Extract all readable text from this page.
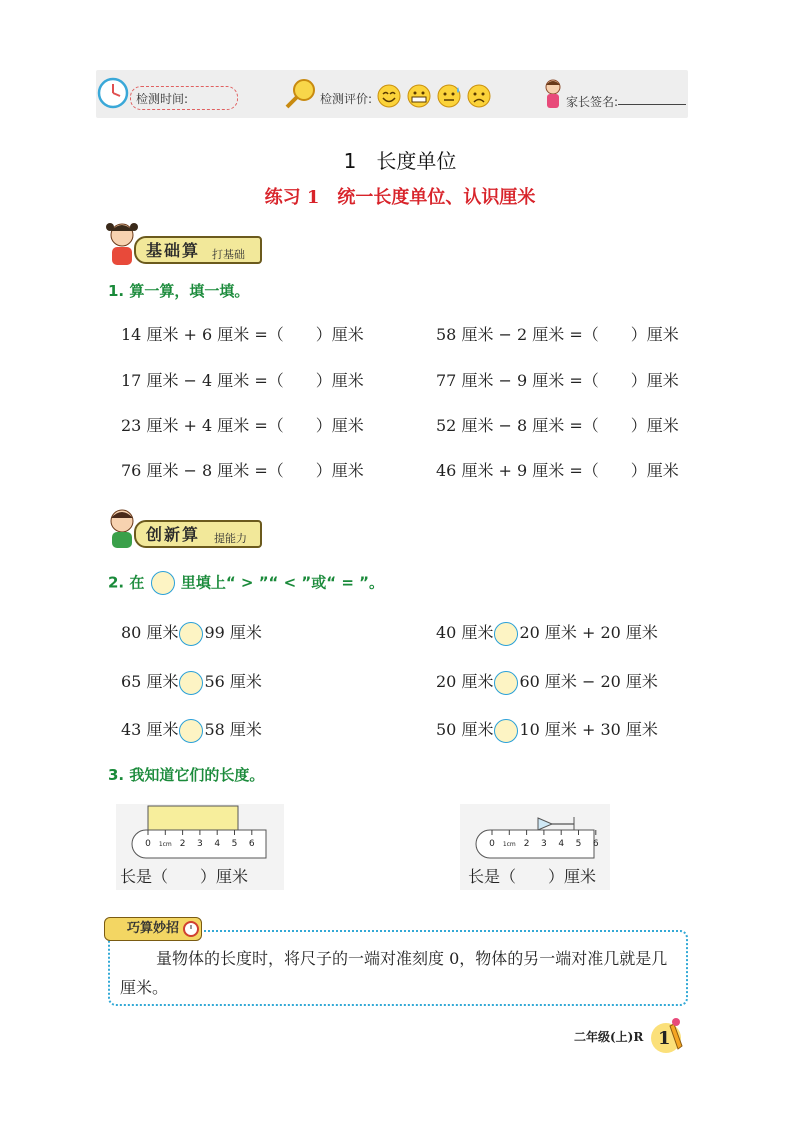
检测时间:	检测评价:	家长签名:
1　长度单位
练习 1　统一长度单位、认识厘米
基础算 打基础
1. 算一算，填一填。
14 厘米 + 6 厘米 =（　　）厘米	58 厘米 − 2 厘米 =（　　）厘米
17 厘米 − 4 厘米 =（　　）厘米	77 厘米 − 9 厘米 =（　　）厘米
23 厘米 + 4 厘米 =（　　）厘米	52 厘米 − 8 厘米 =（　　）厘米
76 厘米 − 8 厘米 =（　　）厘米	46 厘米 + 9 厘米 =（　　）厘米
创新算 提能力
2. 在 里填上“ > ”“ < ”或“ = ”。
80 厘米 99 厘米	40 厘米 20 厘米 + 20 厘米
65 厘米 56 厘米	20 厘米 60 厘米 − 20 厘米
43 厘米 58 厘米	50 厘米 10 厘米 + 30 厘米
3. 我知道它们的长度。
0 1cm 2 3 4 5 6
长是（　　）厘米
0 1cm 2 3 4 5 6
长是（　　）厘米
巧算妙招
量物体的长度时，将尺子的一端对准刻度 0，物体的另一端对准几就是几厘米。
二年级(上)R 1
